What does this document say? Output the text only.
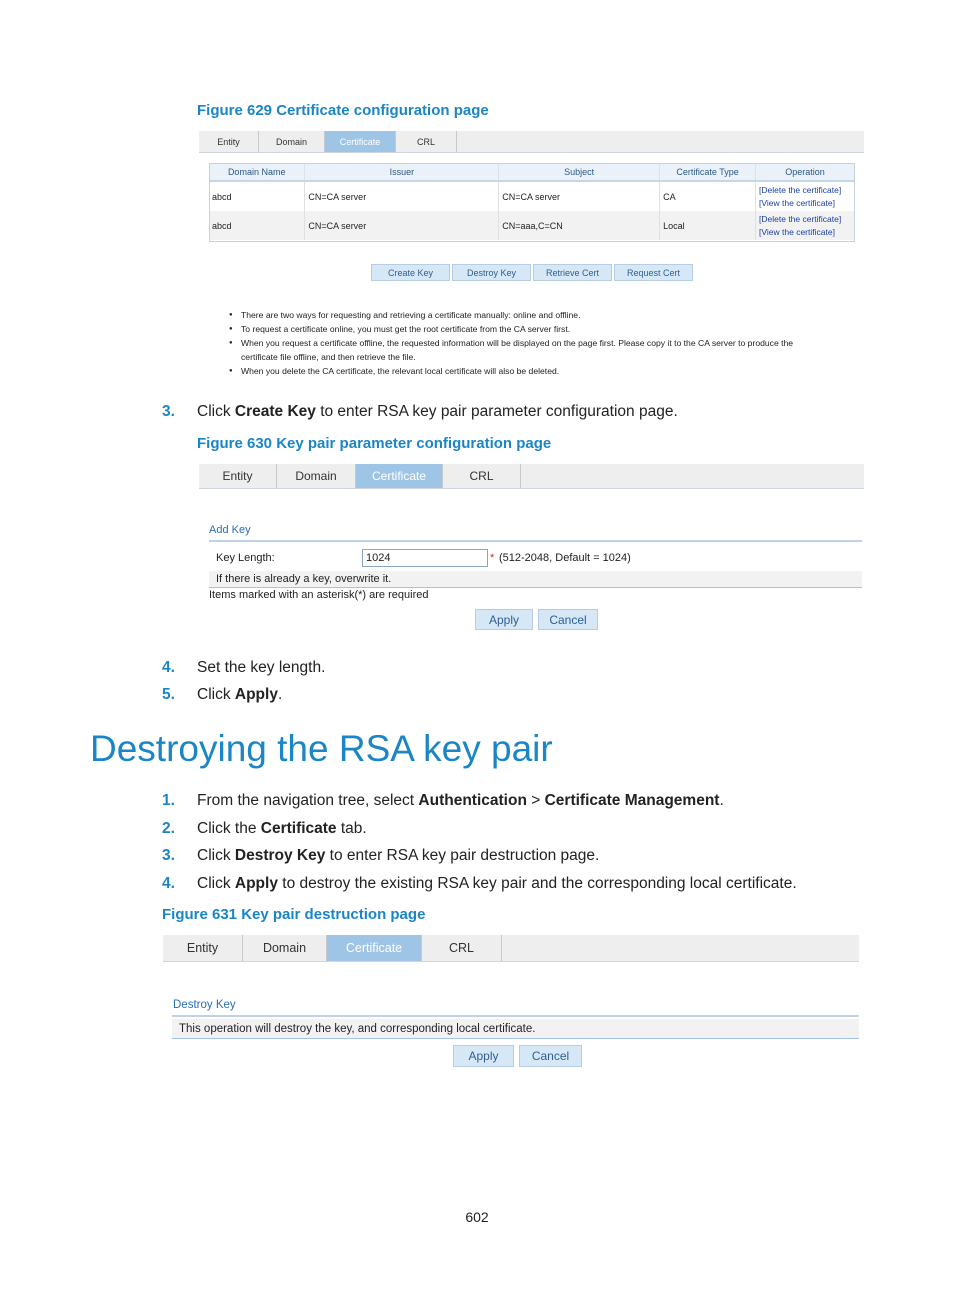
Figure 629 Certificate configuration page
Entity	Domain	Certificate	CRL
Domain Name	Issuer	Subject	Certificate Type	Operation
abcd	CN=CA server	CN=CA server	CA	[Delete the certificate]
[View the certificate]

abcd	CN=CA server	CN=aaa,C=CN	Local	[Delete the certificate]
[View the certificate]
Create Key	Destroy Key	Retrieve Cert	Request Cert
● There are two ways for requesting and retrieving a certificate manually: online and offline.
● To request a certificate online, you must get the root certificate from the CA server first.
● When you request a certificate offline, the requested information will be displayed on the page first. Please copy it to the CA server to produce the
certificate file offline, and then retrieve the file.
● When you delete the CA certificate, the relevant local certificate will also be deleted.
3. Click Create Key to enter RSA key pair parameter configuration page.
Figure 630 Key pair parameter configuration page
Entity	Domain	Certificate	CRL
Add Key
Key Length:	1024	* (512-2048, Default = 1024)
If there is already a key, overwrite it.
Items marked with an asterisk(*) are required
Apply	Cancel
4. Set the key length.
5. Click Apply.
Destroying the RSA key pair
1. From the navigation tree, select Authentication > Certificate Management.
2. Click the Certificate tab.
3. Click Destroy Key to enter RSA key pair destruction page.
4. Click Apply to destroy the existing RSA key pair and the corresponding local certificate.
Figure 631 Key pair destruction page
Entity	Domain	Certificate	CRL
Destroy Key
This operation will destroy the key, and corresponding local certificate.
Apply	Cancel
602
